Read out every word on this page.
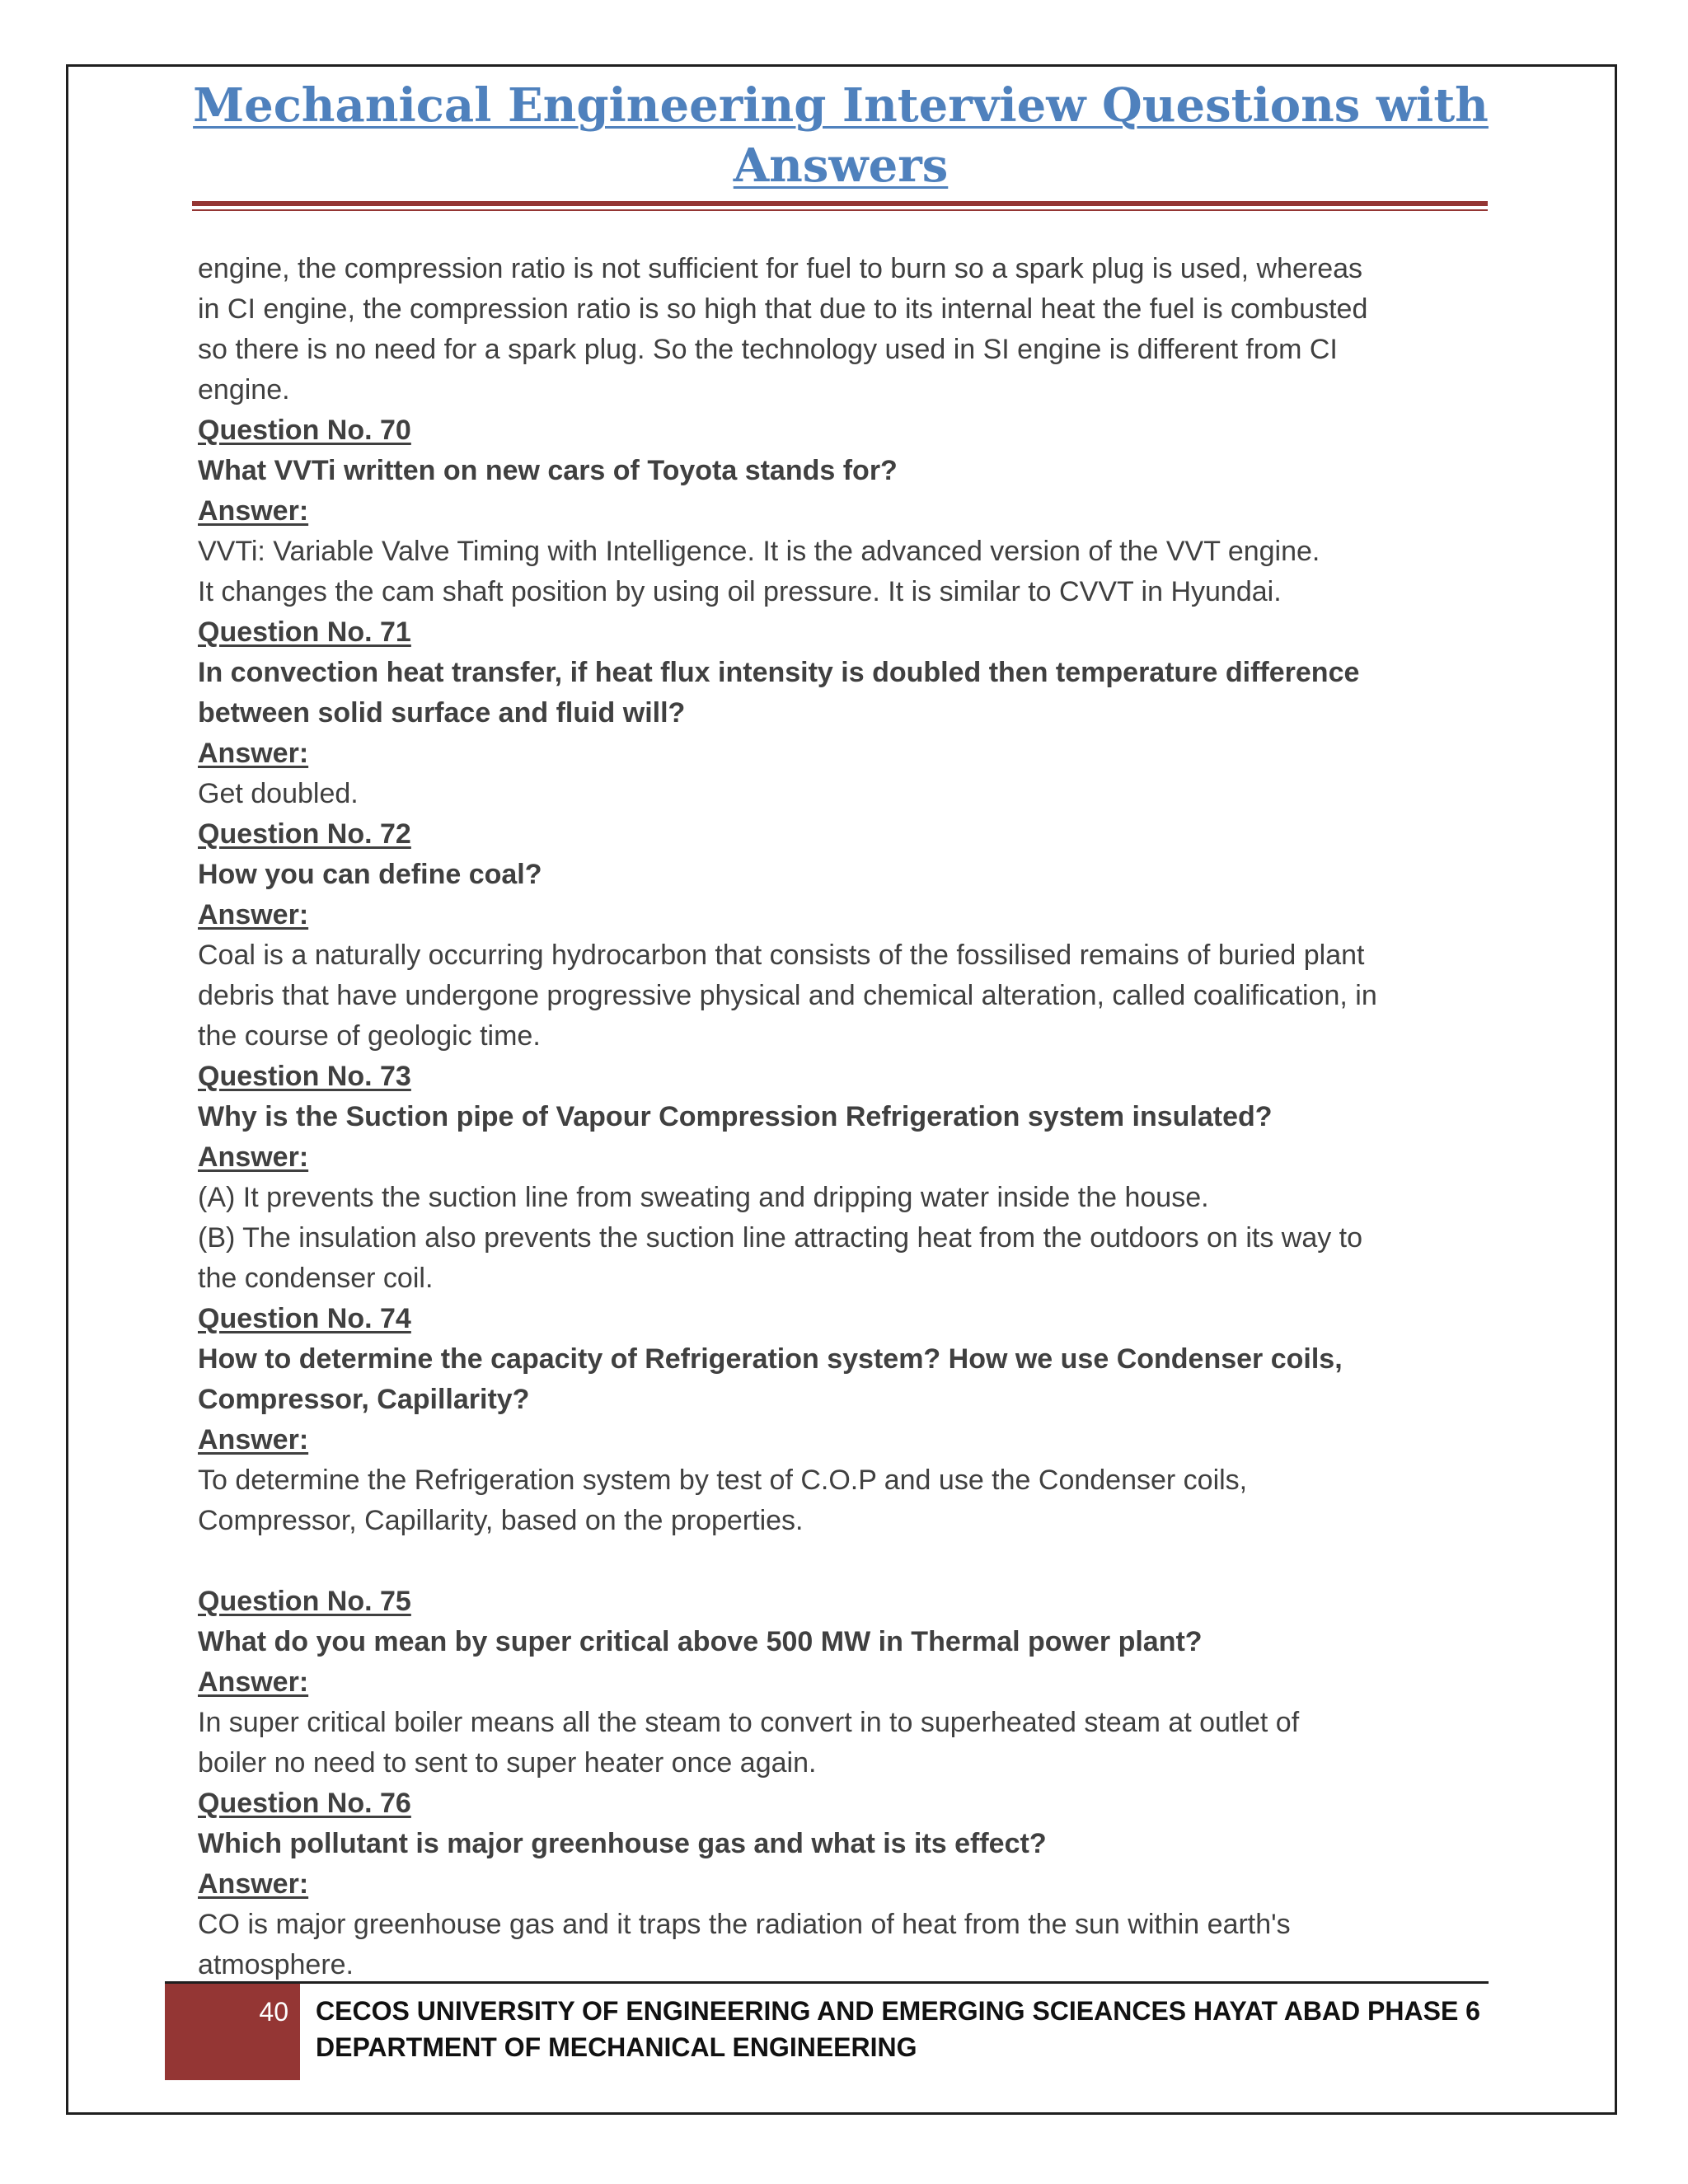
Mechanical Engineering Interview Questions with
Answers

engine, the compression ratio is not sufficient for fuel to burn so a spark plug is used, whereas

in CI engine, the compression ratio is so high that due to its internal heat the fuel is combusted

so there is no need for a spark plug. So the technology used in SI engine is different from CI

engine.

Question No. 70

What VVTi written on new cars of Toyota stands for?

Answer:

VVTi: Variable Valve Timing with Intelligence. It is the advanced version of the VVT engine.

It changes the cam shaft position by using oil pressure. It is similar to CVVT in Hyundai.

Question No. 71

In convection heat transfer, if heat flux intensity is doubled then temperature difference

between solid surface and fluid will?

Answer:

Get doubled.

Question No. 72

How you can define coal?

Answer:

Coal is a naturally occurring hydrocarbon that consists of the fossilised remains of buried plant

debris that have undergone progressive physical and chemical alteration, called coalification, in

the course of geologic time.

Question No. 73

Why is the Suction pipe of Vapour Compression Refrigeration system insulated?

Answer:

(A) It prevents the suction line from sweating and dripping water inside the house.

(B) The insulation also prevents the suction line attracting heat from the outdoors on its way to

the condenser coil.

Question No. 74

How to determine the capacity of Refrigeration system? How we use Condenser coils,

Compressor, Capillarity?

Answer:

To determine the Refrigeration system by test of C.O.P and use the Condenser coils,

Compressor, Capillarity, based on the properties.

Question No. 75

What do you mean by super critical above 500 MW in Thermal power plant?

Answer:

In super critical boiler means all the steam to convert in to superheated steam at outlet of

boiler no need to sent to super heater once again.

Question No. 76

Which pollutant is major greenhouse gas and what is its effect?

Answer:

CO is major greenhouse gas and it traps the radiation of heat from the sun within earth's

atmosphere.

40 CECOS UNIVERSITY OF ENGINEERING AND EMERGING SCIEANCES HAYAT ABAD PHASE 6
DEPARTMENT OF MECHANICAL ENGINEERING
